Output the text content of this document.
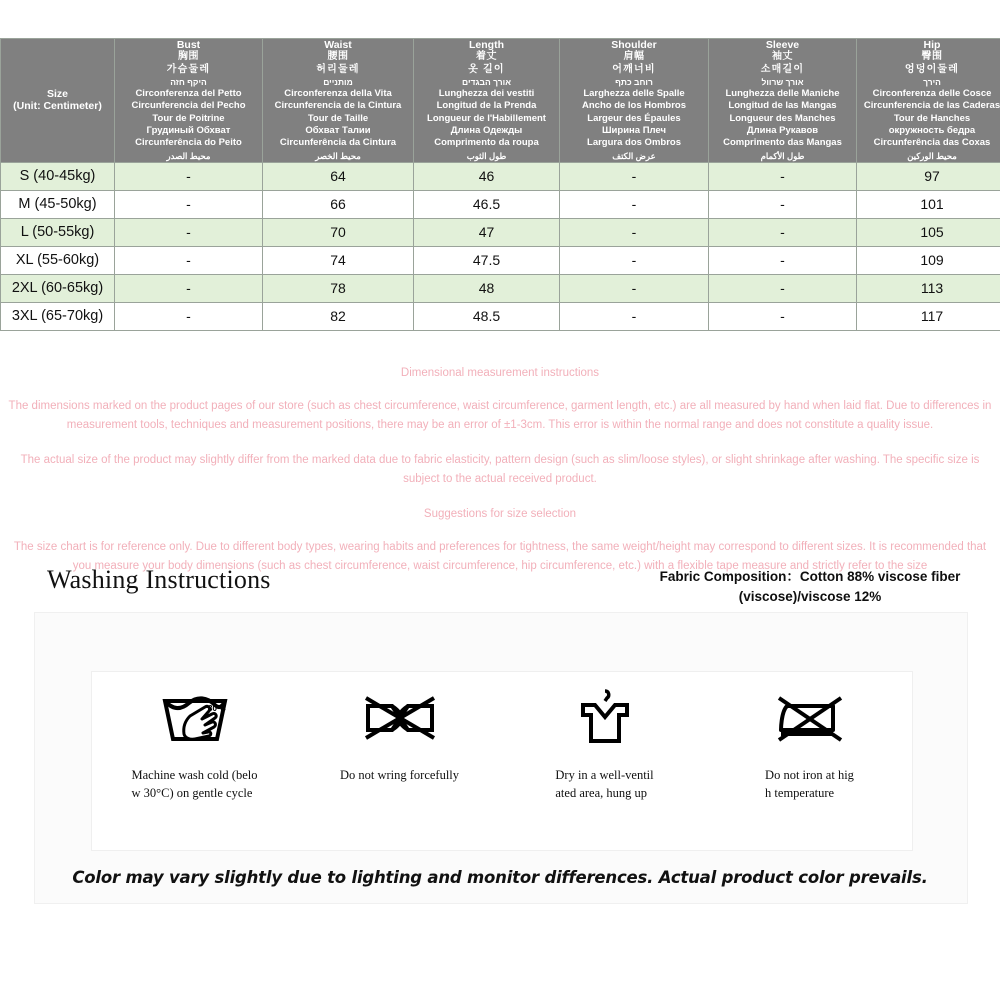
Size
(Unit: Centimeter)

Bust
胸围
가슴둘레
היקף חזה
Circonferenza del Petto
Circunferencia del Pecho
Tour de Poitrine
Грудиный Обхват
Circunferência do Peito
محيط الصدر

Waist
腰围
허리둘레
מותניים
Circonferenza della Vita
Circunferencia de la Cintura
Tour de Taille
Обхват Талии
Circunferência da Cintura
محيط الخصر

Length
着丈
옷 길이
אורך הבגדים
Lunghezza dei vestiti
Longitud de la Prenda
Longueur de l'Habillement
Длина Одежды
Comprimento da roupa
طول الثوب

Shoulder
肩幅
어깨너비
רוחב כתף
Larghezza delle Spalle
Ancho de los Hombros
Largeur des Épaules
Ширина Плеч
Largura dos Ombros
عرض الكتف

Sleeve
袖丈
소매길이
אורך שרוול
Lunghezza delle Maniche
Longitud de las Mangas
Longueur des Manches
Длина Рукавов
Comprimento das Mangas
طول الأكمام

Hip
臀围
엉덩이둘레
הירך
Circonferenza delle Cosce
Circunferencia de las Caderas
Tour de Hanches
окружность бедра
Circunferência das Coxas
محيط الوركين

S (40-45kg)	-	64	46	-	-	97
M (45-50kg)	-	66	46.5	-	-	101
L (50-55kg)	-	70	47	-	-	105
XL (55-60kg)	-	74	47.5	-	-	109
2XL (60-65kg)	-	78	48	-	-	113
3XL (65-70kg)	-	82	48.5	-	-	117
Dimensional measurement instructions
The dimensions marked on the product pages of our store (such as chest circumference, waist circumference, garment length, etc.) are all measured by hand when laid flat. Due to differences in measurement tools, techniques and measurement positions, there may be an error of ±1-3cm. This error is within the normal range and does not constitute a quality issue.
The actual size of the product may slightly differ from the marked data due to fabric elasticity, pattern design (such as slim/loose styles), or slight shrinkage after washing. The specific size is subject to the actual received product.
Suggestions for size selection
The size chart is for reference only. Due to different body types, wearing habits and preferences for tightness, the same weight/height may correspond to different sizes. It is recommended that you measure your body dimensions (such as chest circumference, waist circumference, hip circumference, etc.) with a flexible tape measure and strictly refer to the size
Washing Instructions	Fabric Composition：Cotton 88% viscose fiber (viscose)/viscose 12%
30°C
Machine wash cold (belo
w 30°C) on gentle cycle
Do not wring forcefully	Dry in a well-ventil
ated area, hung up
Do not iron at hig
h temperature
Color may vary slightly due to lighting and monitor differences. Actual product color prevails.
